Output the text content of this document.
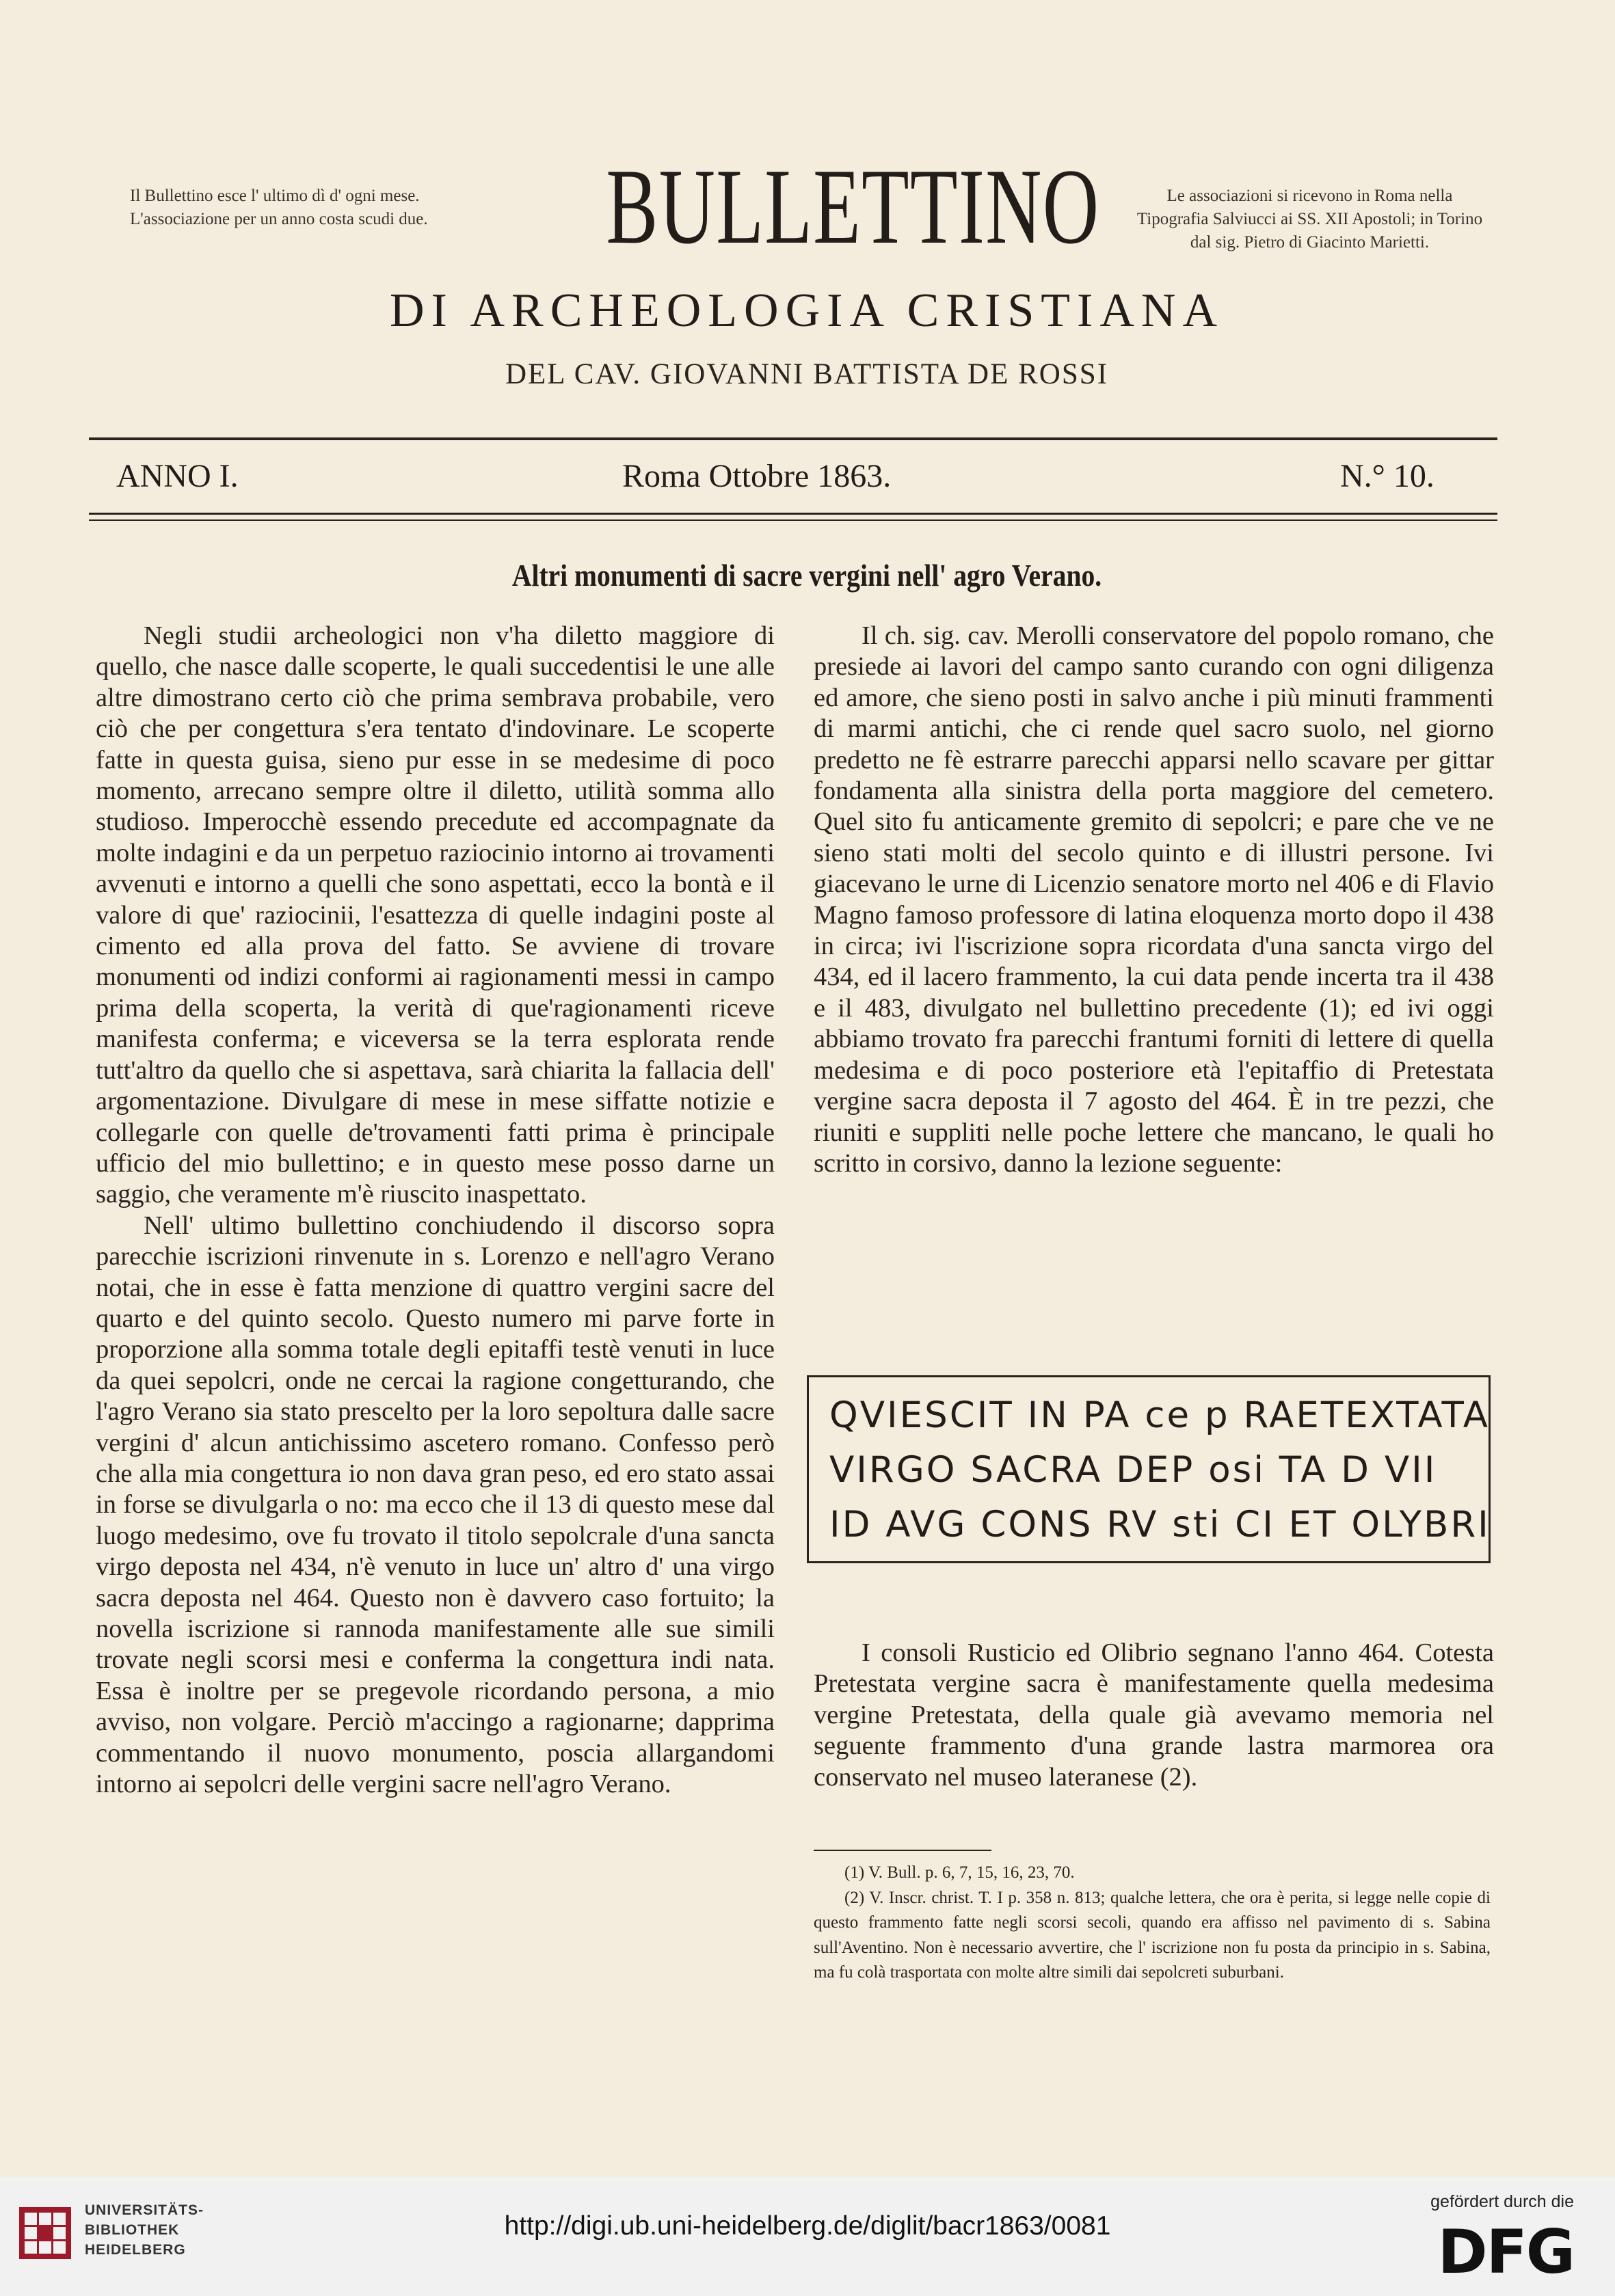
Il Bullettino esce l' ultimo dì d' ogni mese.
L'associazione per un anno costa scudi due.	BULLETTINO	Le associazioni si ricevono in Roma nella
Tipografia Salviucci ai SS. XII Apostoli; in Torino
dal sig. Pietro di Giacinto Marietti.
DI ARCHEOLOGIA CRISTIANA
DEL CAV. GIOVANNI BATTISTA DE ROSSI
ANNO I.	Roma Ottobre 1863.	N.° 10.
Altri monumenti di sacre vergini nell' agro Verano.

Negli studii archeologici non v'ha diletto maggiore di quello, che nasce dalle scoperte, le quali succedentisi le une alle altre dimostrano certo ciò che prima sembrava probabile, vero ciò che per congettura s'era tentato d'indovinare. Le scoperte fatte in questa guisa, sieno pur esse in se medesime di poco momento, arrecano sempre oltre il diletto, utilità somma allo studioso. Imperocchè essendo precedute ed accompagnate da molte indagini e da un perpetuo raziocinio intorno ai trovamenti avvenuti e intorno a quelli che sono aspettati, ecco la bontà e il valore di que' raziocinii, l'esattezza di quelle indagini poste al cimento ed alla prova del fatto. Se avviene di trovare monumenti od indizi conformi ai ragionamenti messi in campo prima della scoperta, la verità di que'ragionamenti riceve manifesta conferma; e viceversa se la terra esplorata rende tutt'altro da quello che si aspettava, sarà chiarita la fallacia dell' argomentazione. Divulgare di mese in mese siffatte notizie e collegarle con quelle de'trovamenti fatti prima è principale ufficio del mio bullettino; e in questo mese posso darne un saggio, che veramente m'è riuscito inaspettato.

Nell' ultimo bullettino conchiudendo il discorso sopra parecchie iscrizioni rinvenute in s. Lorenzo e nell'agro Verano notai, che in esse è fatta menzione di quattro vergini sacre del quarto e del quinto secolo. Questo numero mi parve forte in proporzione alla somma totale degli epitaffi testè venuti in luce da quei sepolcri, onde ne cercai la ragione congetturando, che l'agro Verano sia stato prescelto per la loro sepoltura dalle sacre vergini d' alcun antichissimo ascetero romano. Confesso però che alla mia congettura io non dava gran peso, ed ero stato assai in forse se divulgarla o no: ma ecco che il 13 di questo mese dal luogo medesimo, ove fu trovato il titolo sepolcrale d'una sancta virgo deposta nel 434, n'è venuto in luce un' altro d' una virgo sacra deposta nel 464. Questo non è davvero caso fortuito; la novella iscrizione si rannoda manifestamente alle sue simili trovate negli scorsi mesi e conferma la congettura indi nata. Essa è inoltre per se pregevole ricordando persona, a mio avviso, non volgare. Perciò m'accingo a ragionarne; dapprima commentando il nuovo monumento, poscia allargandomi intorno ai sepolcri delle vergini sacre nell'agro Verano.

Il ch. sig. cav. Merolli conservatore del popolo romano, che presiede ai lavori del campo santo curando con ogni diligenza ed amore, che sieno posti in salvo anche i più minuti frammenti di marmi antichi, che ci rende quel sacro suolo, nel giorno predetto ne fè estrarre parecchi apparsi nello scavare per gittar fondamenta alla sinistra della porta maggiore del cemetero. Quel sito fu anticamente gremito di sepolcri; e pare che ve ne sieno stati molti del secolo quinto e di illustri persone. Ivi giacevano le urne di Licenzio senatore morto nel 406 e di Flavio Magno famoso professore di latina eloquenza morto dopo il 438 in circa; ivi l'iscrizione sopra ricordata d'una sancta virgo del 434, ed il lacero frammento, la cui data pende incerta tra il 438 e il 483, divulgato nel bullettino precedente (1); ed ivi oggi abbiamo trovato fra parecchi frantumi forniti di lettere di quella medesima e di poco posteriore età l'epitaffio di Pretestata vergine sacra deposta il 7 agosto del 464. È in tre pezzi, che riuniti e suppliti nelle poche lettere che mancano, le quali ho scritto in corsivo, danno la lezione seguente:

QVIESCIT IN PA ce p RAETEXTATA
VIRGO SACRA DEP osi TA D VII
ID AVG CONS RV sti CI ET OLYBRI

I consoli Rusticio ed Olibrio segnano l'anno 464. Cotesta Pretestata vergine sacra è manifestamente quella medesima vergine Pretestata, della quale già avevamo memoria nel seguente frammento d'una grande lastra marmorea ora conservato nel museo lateranese (2).

(1) V. Bull. p. 6, 7, 15, 16, 23, 70.

(2) V. Inscr. christ. T. I p. 358 n. 813; qualche lettera, che ora è perita, si legge nelle copie di questo frammento fatte negli scorsi secoli, quando era affisso nel pavimento di s. Sabina sull'Aventino. Non è necessario avvertire, che l' iscrizione non fu posta da principio in s. Sabina, ma fu colà trasportata con molte altre simili dai sepolcreti suburbani.

UNIVERSITÄTS-
BIBLIOTHEK
HEIDELBERG
http://digi.ub.uni-heidelberg.de/diglit/bacr1863/0081
gefördert durch die
DFG
